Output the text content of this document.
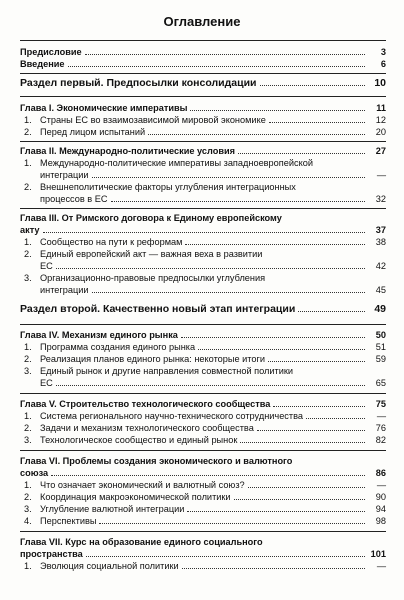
Оглавление
Предисловие	3
Введение	6
Раздел первый. Предпосылки консолидации	10
Глава I. Экономические императивы	11
1. Страны ЕС во взаимозависимой мировой экономике	12
2. Перед лицом испытаний	20
Глава II. Международно-политические условия	27
1. Международно-политические императивы западноевропейской
интеграции	—
2. Внешнеполитические факторы углубления интеграционных
процессов в ЕС	32
Глава III. От Римского договора к Единому европейскому
акту	37
1. Сообщество на пути к реформам	38
2. Единый европейский акт — важная веха в развитии
ЕС	42
3. Организационно-правовые предпосылки углубления
интеграции	45
Раздел второй. Качественно новый этап интеграции	49
Глава IV. Механизм единого рынка	50
1. Программа создания единого рынка	51
2. Реализация планов единого рынка: некоторые итоги	59
3. Единый рынок и другие направления совместной политики
ЕС	65
Глава V. Строительство технологического сообщества	75
1. Система регионального научно-технического сотрудничества	—
2. Задачи и механизм технологического сообщества	76
3. Технологическое сообщество и единый рынок	82
Глава VI. Проблемы создания экономического и валютного
союза	86
1. Что означает экономический и валютный союз?	—
2. Координация макроэкономической политики	90
3. Углубление валютной интеграции	94
4. Перспективы	98
Глава VII. Курс на образование единого социального
пространства	101
1. Эволюция социальной политики	—
